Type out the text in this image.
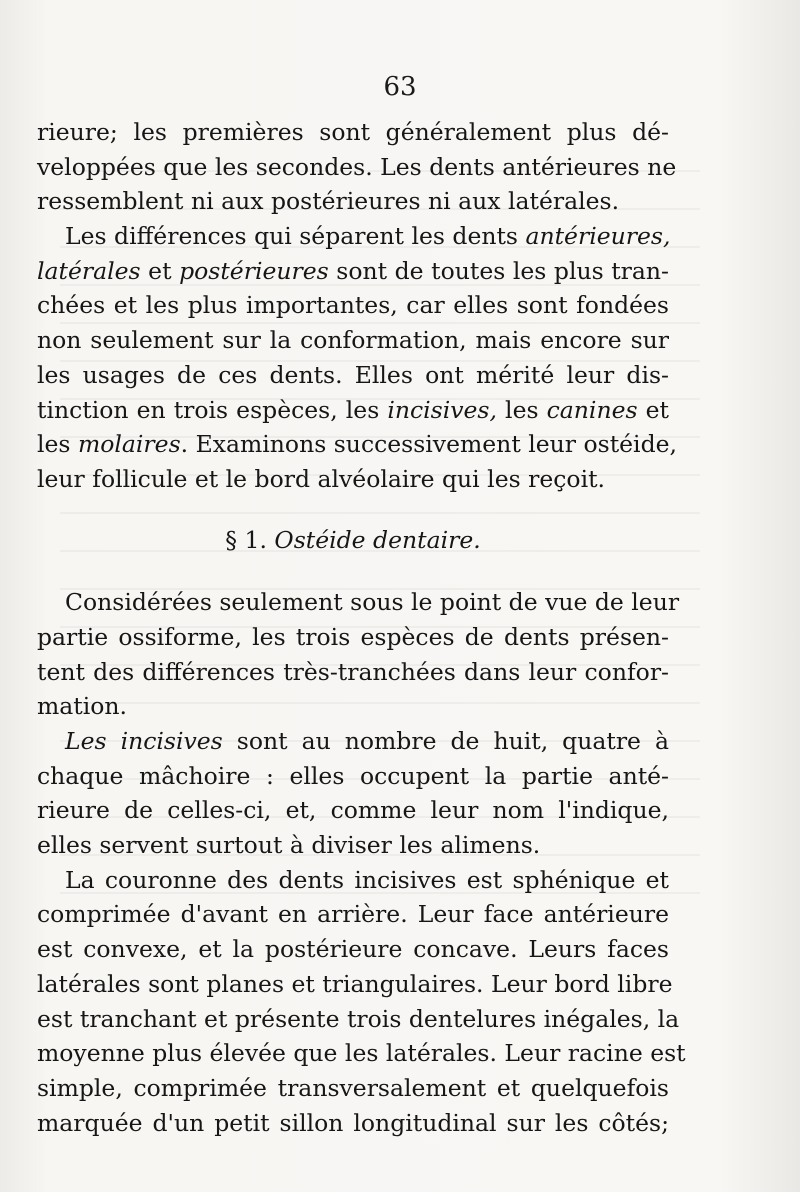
63
rieure; les premières sont généralement plus dé-
veloppées que les secondes. Les dents antérieures ne
ressemblent ni aux postérieures ni aux latérales.
Les différences qui séparent les dents antérieures,
latérales et postérieures sont de toutes les plus tran-
chées et les plus importantes, car elles sont fondées
non seulement sur la conformation, mais encore sur
les usages de ces dents. Elles ont mérité leur dis-
tinction en trois espèces, les incisives, les canines et
les molaires. Examinons successivement leur ostéide,
leur follicule et le bord alvéolaire qui les reçoit.
§ 1. Ostéide dentaire.
Considérées seulement sous le point de vue de leur
partie ossiforme, les trois espèces de dents présen-
tent des différences très-tranchées dans leur confor-
mation.
Les incisives sont au nombre de huit, quatre à
chaque mâchoire : elles occupent la partie anté-
rieure de celles-ci, et, comme leur nom l'indique,
elles servent surtout à diviser les alimens.
La couronne des dents incisives est sphénique et
comprimée d'avant en arrière. Leur face antérieure
est convexe, et la postérieure concave. Leurs faces
latérales sont planes et triangulaires. Leur bord libre
est tranchant et présente trois dentelures inégales, la
moyenne plus élevée que les latérales. Leur racine est
simple, comprimée transversalement et quelquefois
marquée d'un petit sillon longitudinal sur les côtés;
